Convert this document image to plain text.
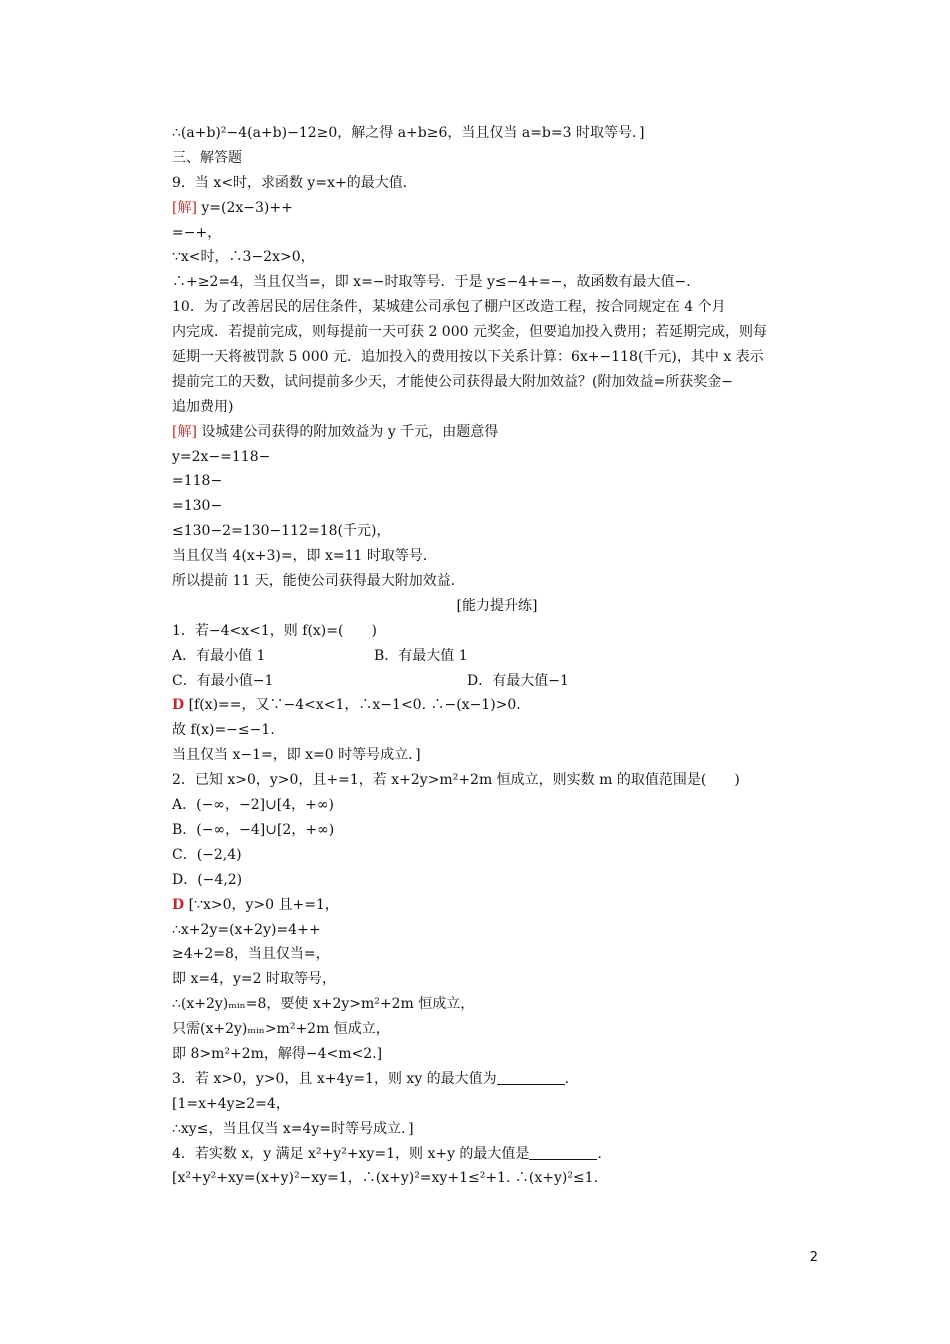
∴(a+b)²−4(a+b)−12≥0，解之得 a+b≥6，当且仅当 a=b=3 时取等号．]
三、解答题
9．当 x<时，求函数 y=x+的最大值．
[解] y=(2x−3)++
=−+，
∵x<时，∴3−2x>0，
∴+≥2=4，当且仅当=，即 x=−时取等号．于是 y≤−4+=−，故函数有最大值−．
10．为了改善居民的居住条件，某城建公司承包了棚户区改造工程，按合同规定在 4 个月
内完成．若提前完成，则每提前一天可获 2 000 元奖金，但要追加投入费用；若延期完成，则每
延期一天将被罚款 5 000 元．追加投入的费用按以下关系计算：6x+−118(千元)，其中 x 表示
提前完工的天数，试问提前多少天，才能使公司获得最大附加效益？(附加效益=所获奖金−
追加费用)
[解] 设城建公司获得的附加效益为 y 千元，由题意得
y=2x−=118−
=118−
=130−
≤130−2=130−112=18(千元)，
当且仅当 4(x+3)=，即 x=11 时取等号．
所以提前 11 天，能使公司获得最大附加效益．
[能力提升练]
1．若−4<x<1，则 f(x)=(　　)
A．有最小值 1	B．有最大值 1
C．有最小值−1	D．有最大值−1
D [f(x)==，又∵−4<x<1，∴x−1<0. ∴−(x−1)>0.
故 f(x)=−≤−1.
当且仅当 x−1=，即 x=0 时等号成立．]
2．已知 x>0，y>0，且+=1，若 x+2y>m²+2m 恒成立，则实数 m 的取值范围是(　　)
A．(−∞，−2]∪[4，+∞)
B．(−∞，−4]∪[2，+∞)
C．(−2,4)
D．(−4,2)
D [∵x>0，y>0 且+=1，
∴x+2y=(x+2y)=4++
≥4+2=8，当且仅当=，
即 x=4，y=2 时取等号，
∴(x+2y)ₘᵢₙ=8，要使 x+2y>m²+2m 恒成立，
只需(x+2y)ₘᵢₙ>m²+2m 恒成立，
即 8>m²+2m，解得−4<m<2.]
3．若 x>0，y>0，且 x+4y=1，则 xy 的最大值为	．
[1=x+4y≥2=4，
∴xy≤，当且仅当 x=4y=时等号成立．]
4．若实数 x，y 满足 x²+y²+xy=1，则 x+y 的最大值是	．
[x²+y²+xy=(x+y)²−xy=1，∴(x+y)²=xy+1≤²+1. ∴(x+y)²≤1.
2
